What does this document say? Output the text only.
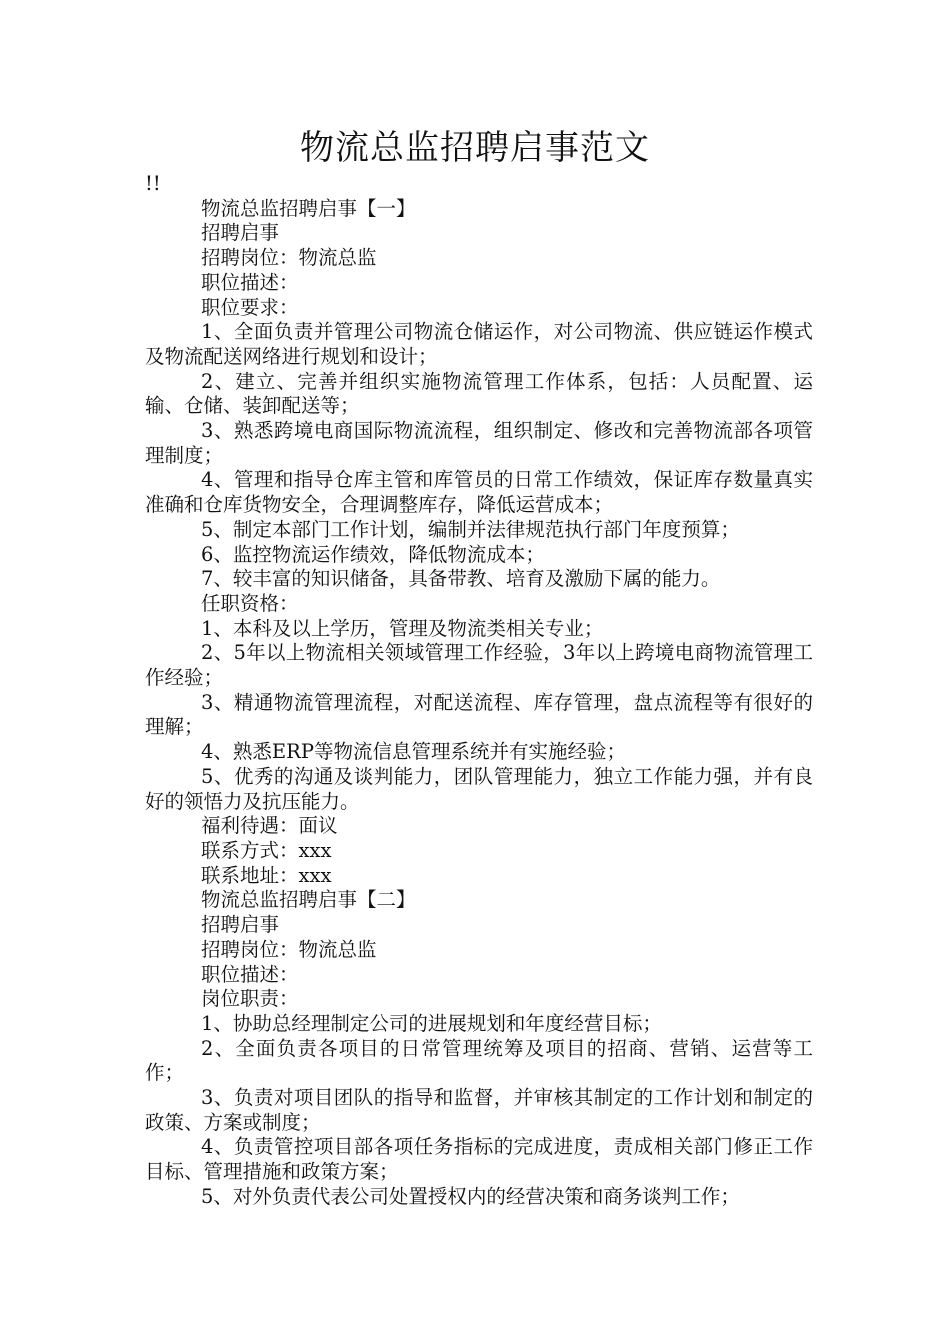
物流总监招聘启事范文

!!

物流总监招聘启事【一】

招聘启事

招聘岗位：物流总监

职位描述：

职位要求：

1、全面负责并管理公司物流仓储运作，对公司物流、供应链运作模式及物流配送网络进行规划和设计；

2、建立、完善并组织实施物流管理工作体系，包括：人员配置、运输、仓储、装卸配送等；

3、熟悉跨境电商国际物流流程，组织制定、修改和完善物流部各项管理制度；

4、管理和指导仓库主管和库管员的日常工作绩效，保证库存数量真实准确和仓库货物安全，合理调整库存，降低运营成本；

5、制定本部门工作计划，编制并法律规范执行部门年度预算；

6、监控物流运作绩效，降低物流成本；

7、较丰富的知识储备，具备带教、培育及激励下属的能力。

任职资格：

1、本科及以上学历，管理及物流类相关专业；

2、5年以上物流相关领域管理工作经验，3年以上跨境电商物流管理工作经验；

3、精通物流管理流程，对配送流程、库存管理，盘点流程等有很好的理解；

4、熟悉ERP等物流信息管理系统并有实施经验；

5、优秀的沟通及谈判能力，团队管理能力，独立工作能力强，并有良好的领悟力及抗压能力。

福利待遇：面议

联系方式：xxx

联系地址：xxx

物流总监招聘启事【二】

招聘启事

招聘岗位：物流总监

职位描述：

岗位职责：

1、协助总经理制定公司的进展规划和年度经营目标；

2、全面负责各项目的日常管理统筹及项目的招商、营销、运营等工作；

3、负责对项目团队的指导和监督，并审核其制定的工作计划和制定的政策、方案或制度；

4、负责管控项目部各项任务指标的完成进度，责成相关部门修正工作目标、管理措施和政策方案；

5、对外负责代表公司处置授权内的经营决策和商务谈判工作；
